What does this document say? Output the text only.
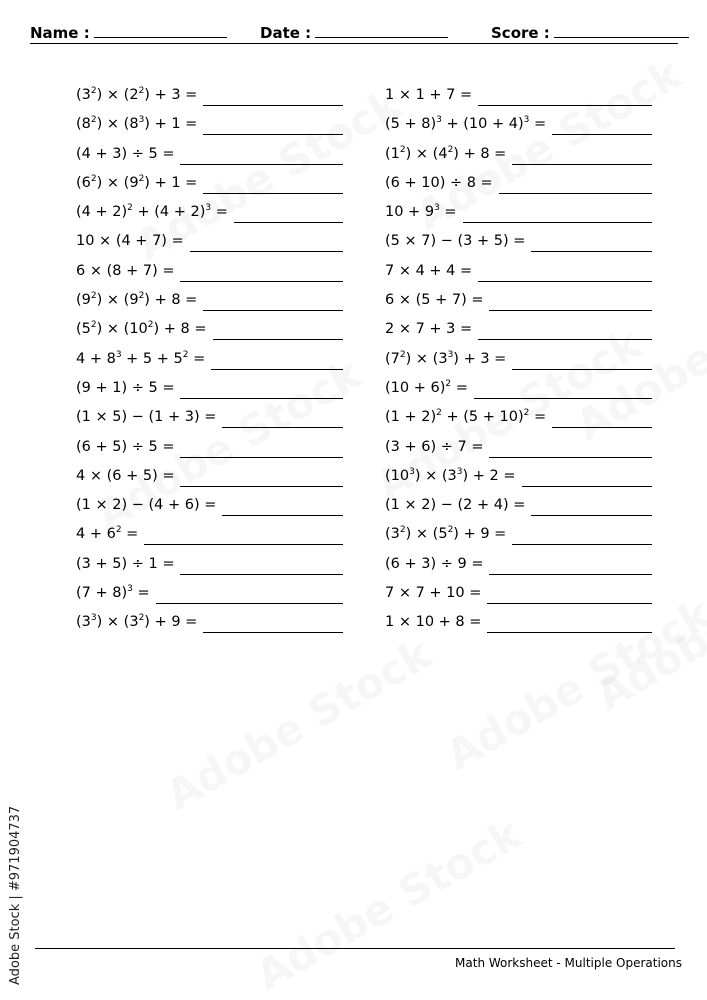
Name :	Date :	Score :
$(3^2) \times (2^2) + 3$ =
$(8^2) \times (8^3) + 1$ =
(4 + 3) ÷ 5 =
$(6^2) \times (9^2) + 1$ =
$(4 + 2)^2 + (4 + 2)^3$ =
10 × (4 + 7) =
6 × (8 + 7) =
$(9^2) \times (9^2) + 8$ =
$(5^2) \times (10^2) + 8$ =
$4 + 8^3 + 5 + 5^2$ =
(9 + 1) ÷ 5 =
(1 × 5) − (1 + 3) =
(6 + 5) ÷ 5 =
4 × (6 + 5) =
(1 × 2) − (4 + 6) =
$4 + 6^2$ =
(3 + 5) ÷ 1 =
$(7 + 8)^3$ =
$(3^3) \times (3^2) + 9$ =
1 × 1 + 7 =
$(5 + 8)^3 + (10 + 4)^3$ =
$(1^2) \times (4^2) + 8$ =
(6 + 10) ÷ 8 =
$10 + 9^3$ =
(5 × 7) − (3 + 5) =
7 × 4 + 4 =
6 × (5 + 7) =
2 × 7 + 3 =
$(7^2) \times (3^3) + 3$ =
$(10 + 6)^2$ =
$(1 + 2)^2 + (5 + 10)^2$ =
(3 + 6) ÷ 7 =
$(10^3) \times (3^3) + 2$ =
(1 × 2) − (2 + 4) =
$(3^2) \times (5^2) + 9$ =
(6 + 3) ÷ 9 =
7 × 7 + 10 =
1 × 10 + 8 =
Math Worksheet - Multiple Operations
Adobe Stock | #971904737
